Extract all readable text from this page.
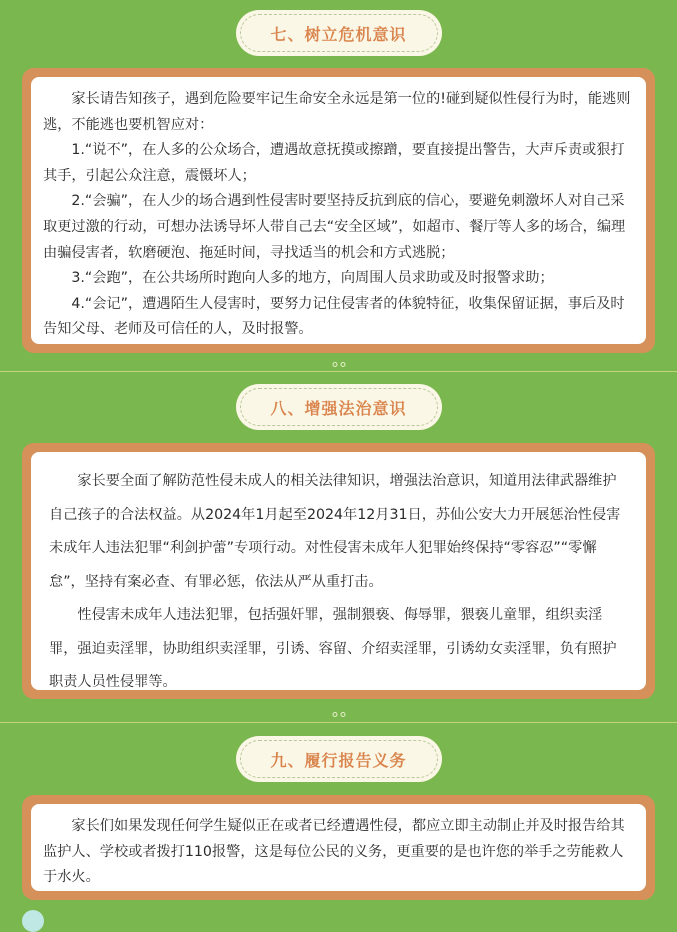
七、树立危机意识

家长请告知孩子，遇到危险要牢记生命安全永远是第一位的!碰到疑似性侵行为时，能逃则逃，不能逃也要机智应对：

1.“说不”，在人多的公众场合，遭遇故意抚摸或擦蹭，要直接提出警告，大声斥责或狠打其手，引起公众注意，震慑坏人；

2.“会骗”，在人少的场合遇到性侵害时要坚持反抗到底的信心，要避免刺激坏人对自己采取更过激的行动，可想办法诱导坏人带自己去“安全区域”，如超市、餐厅等人多的场合，编理由骗侵害者，软磨硬泡、拖延时间，寻找适当的机会和方式逃脱；

3.“会跑”，在公共场所时跑向人多的地方，向周围人员求助或及时报警求助；

4.“会记”，遭遇陌生人侵害时，要努力记住侵害者的体貌特征，收集保留证据，事后及时告知父母、老师及可信任的人，及时报警。

八、增强法治意识

家长要全面了解防范性侵未成人的相关法律知识，增强法治意识，知道用法律武器维护自己孩子的合法权益。从2024年1月起至2024年12月31日，苏仙公安大力开展惩治性侵害未成年人违法犯罪“利剑护蕾”专项行动。对性侵害未成年人犯罪始终保持“零容忍”“零懈怠”，坚持有案必查、有罪必惩，依法从严从重打击。

性侵害未成年人违法犯罪，包括强奸罪，强制猥亵、侮辱罪，猥亵儿童罪，组织卖淫罪，强迫卖淫罪，协助组织卖淫罪，引诱、容留、介绍卖淫罪，引诱幼女卖淫罪，负有照护职责人员性侵罪等。

九、履行报告义务

家长们如果发现任何学生疑似正在或者已经遭遇性侵，都应立即主动制止并及时报告给其监护人、学校或者拨打110报警，这是每位公民的义务，更重要的是也许您的举手之劳能救人于水火。
